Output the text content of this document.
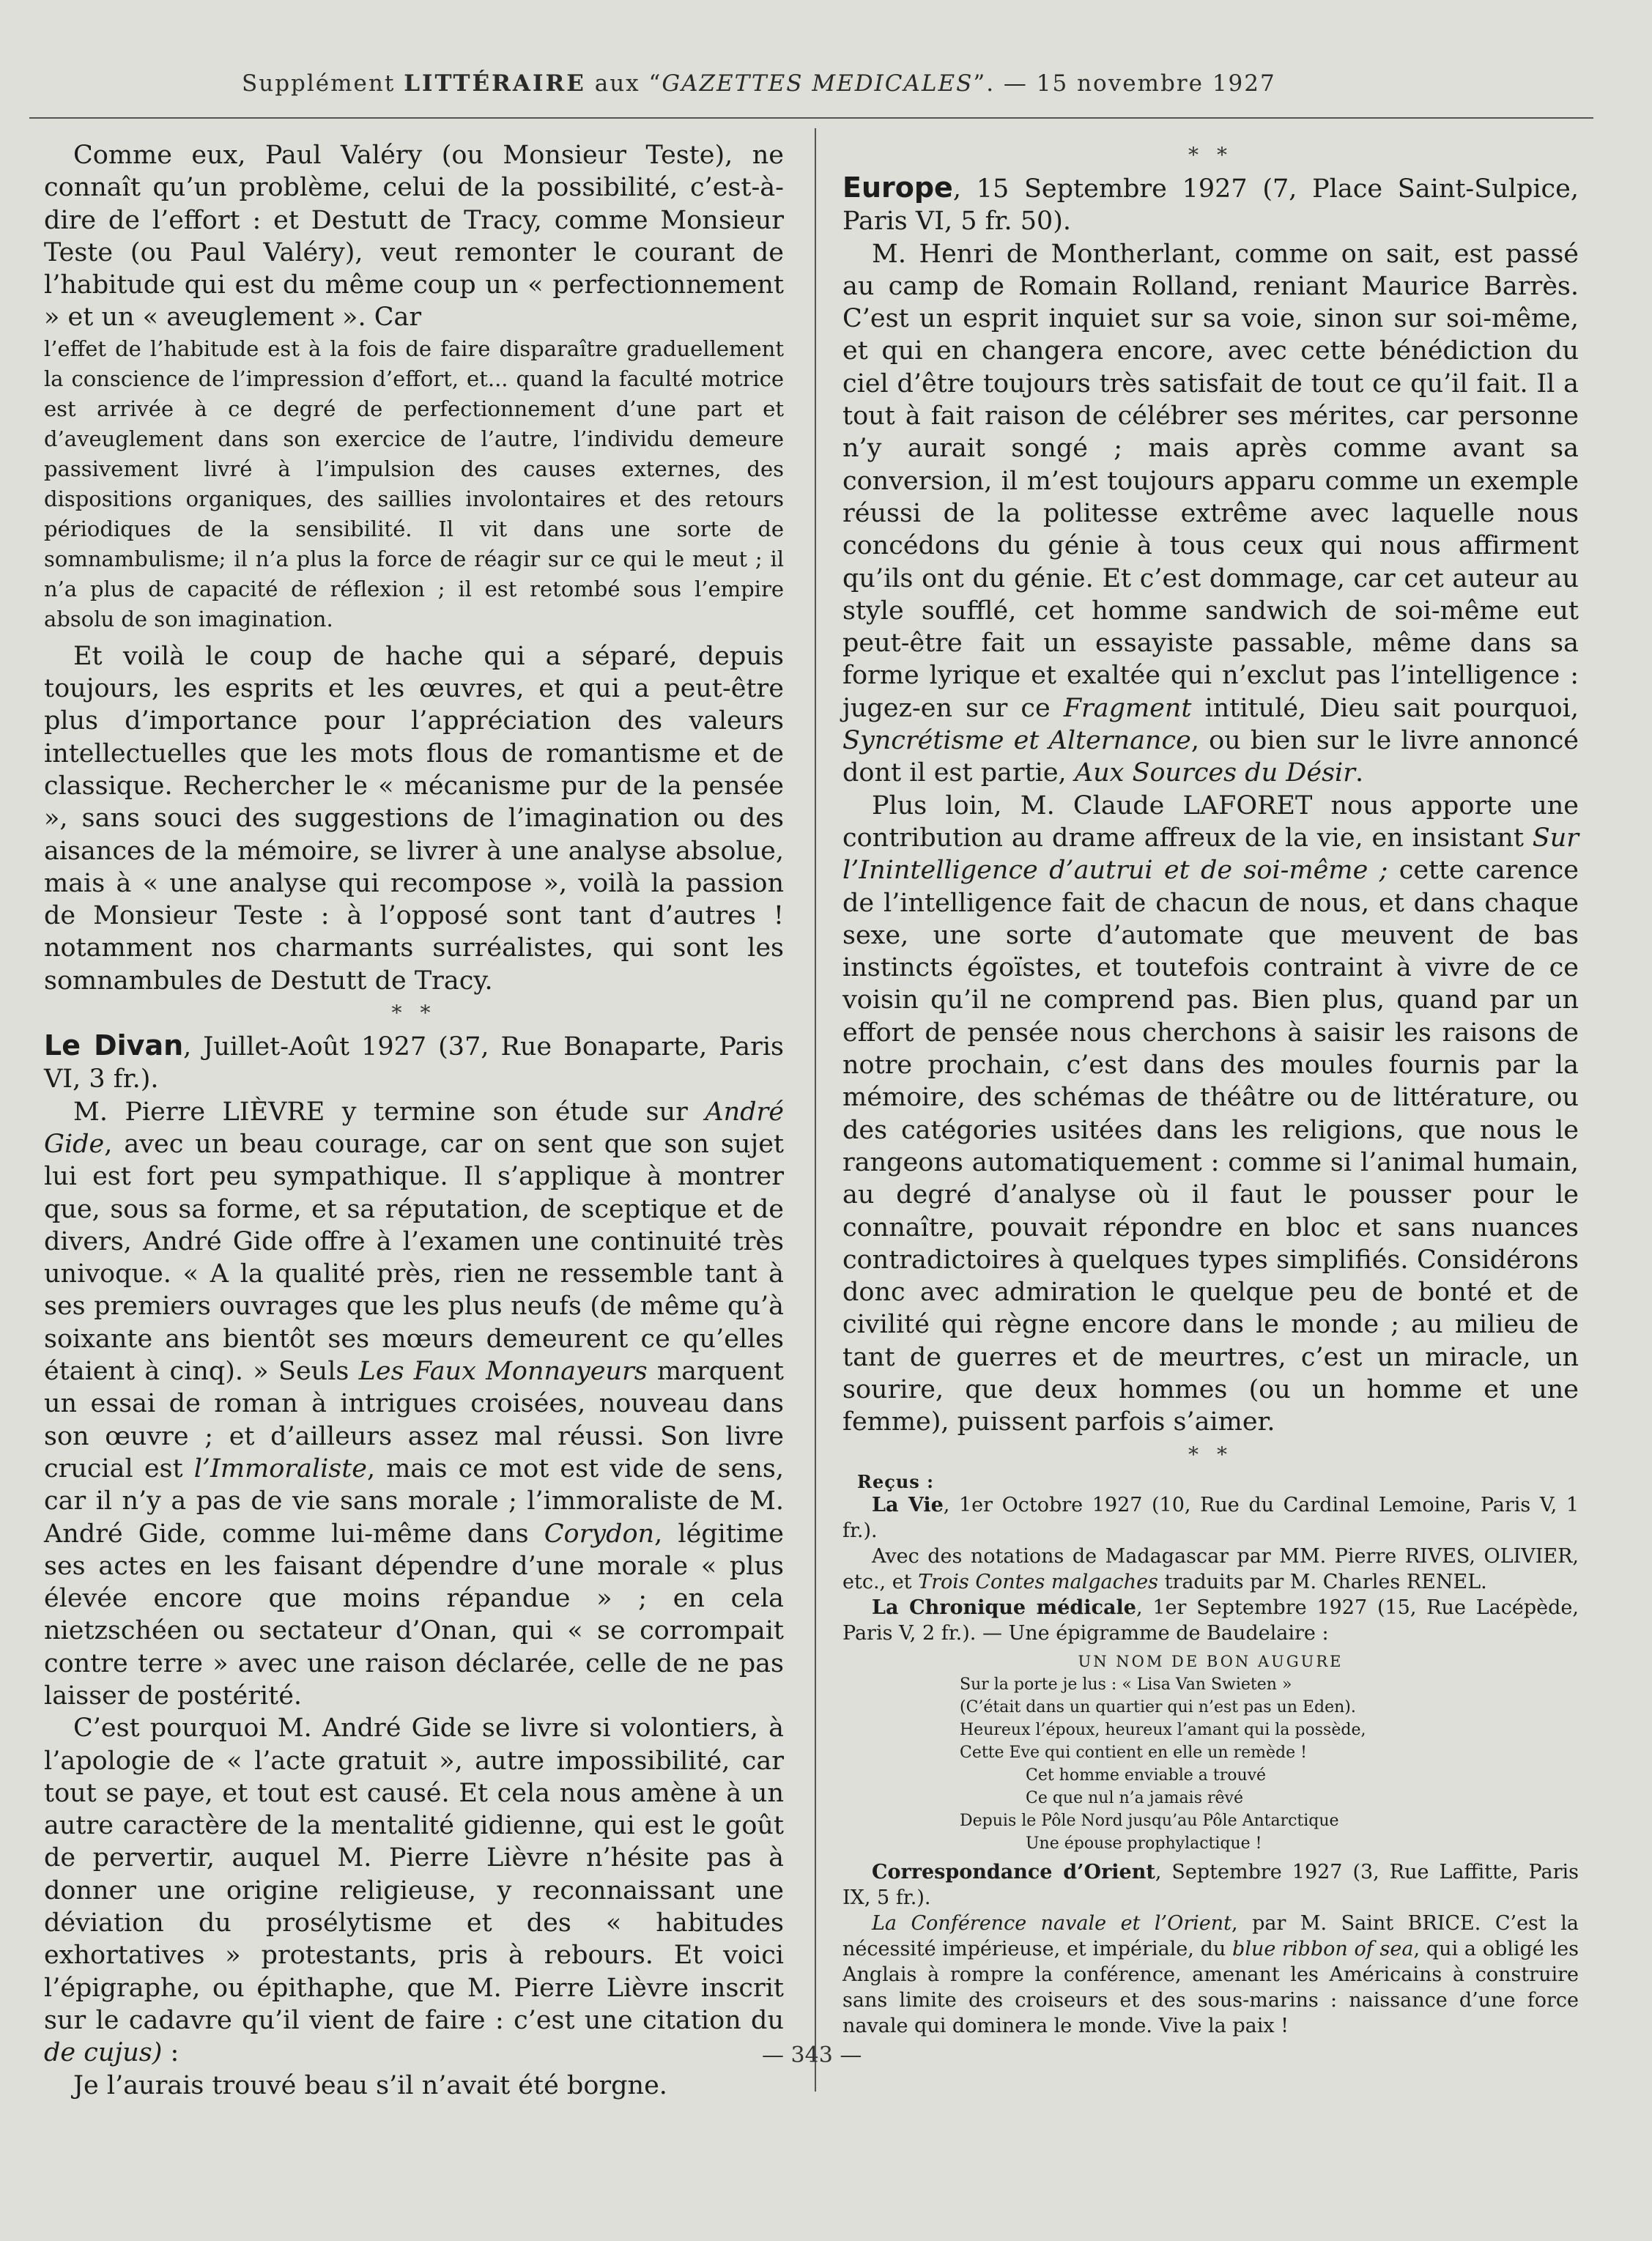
Supplément LITTÉRAIRE aux “GAZETTES MEDICALES”. — 15 novembre 1927

Comme eux, Paul Valéry (ou Monsieur Teste), ne connaît qu’un problème, celui de la possibilité, c’est-à-dire de l’effort : et Destutt de Tracy, comme Monsieur Teste (ou Paul Valéry), veut remonter le courant de l’habitude qui est du même coup un « perfectionnement » et un « aveuglement ». Car

l’effet de l’habitude est à la fois de faire disparaître graduellement la conscience de l’impression d’effort, et... quand la faculté motrice est arrivée à ce degré de perfectionnement d’une part et d’aveuglement dans son exercice de l’autre, l’individu demeure passivement livré à l’impulsion des causes externes, des dispositions organiques, des saillies involontaires et des retours périodiques de la sensibilité. Il vit dans une sorte de somnambulisme; il n’a plus la force de réagir sur ce qui le meut ; il n’a plus de capacité de réflexion ; il est retombé sous l’empire absolu de son imagination.

Et voilà le coup de hache qui a séparé, depuis toujours, les esprits et les œuvres, et qui a peut-être plus d’importance pour l’appréciation des valeurs intellectuelles que les mots flous de romantisme et de classique. Rechercher le « mécanisme pur de la pensée », sans souci des suggestions de l’imagination ou des aisances de la mémoire, se livrer à une analyse absolue, mais à « une analyse qui recompose », voilà la passion de Monsieur Teste : à l’opposé sont tant d’autres ! notamment nos charmants surréalistes, qui sont les somnambules de Destutt de Tracy.

* *

Le Divan, Juillet-Août 1927 (37, Rue Bonaparte, Paris VI, 3 fr.).

M. Pierre LIÈVRE y termine son étude sur André Gide, avec un beau courage, car on sent que son sujet lui est fort peu sympathique. Il s’applique à montrer que, sous sa forme, et sa réputation, de sceptique et de divers, André Gide offre à l’examen une continuité très univoque. « A la qualité près, rien ne ressemble tant à ses premiers ouvrages que les plus neufs (de même qu’à soixante ans bientôt ses mœurs demeurent ce qu’elles étaient à cinq). » Seuls Les Faux Monnayeurs marquent un essai de roman à intrigues croisées, nouveau dans son œuvre ; et d’ailleurs assez mal réussi. Son livre crucial est l’Immoraliste, mais ce mot est vide de sens, car il n’y a pas de vie sans morale ; l’immoraliste de M. André Gide, comme lui-même dans Corydon, légitime ses actes en les faisant dépendre d’une morale « plus élevée encore que moins répandue » ; en cela nietzschéen ou sectateur d’Onan, qui « se corrompait contre terre » avec une raison déclarée, celle de ne pas laisser de postérité.

C’est pourquoi M. André Gide se livre si volontiers, à l’apologie de « l’acte gratuit », autre impossibilité, car tout se paye, et tout est causé. Et cela nous amène à un autre caractère de la mentalité gidienne, qui est le goût de pervertir, auquel M. Pierre Lièvre n’hésite pas à donner une origine religieuse, y reconnaissant une déviation du prosélytisme et des « habitudes exhortatives » protestants, pris à rebours. Et voici l’épigraphe, ou épithaphe, que M. Pierre Lièvre inscrit sur le cadavre qu’il vient de faire : c’est une citation du de cujus) :

Je l’aurais trouvé beau s’il n’avait été borgne.

* *

Europe, 15 Septembre 1927 (7, Place Saint-Sulpice, Paris VI, 5 fr. 50).

M. Henri de Montherlant, comme on sait, est passé au camp de Romain Rolland, reniant Maurice Barrès. C’est un esprit inquiet sur sa voie, sinon sur soi-même, et qui en changera encore, avec cette bénédiction du ciel d’être toujours très satisfait de tout ce qu’il fait. Il a tout à fait raison de célébrer ses mérites, car personne n’y aurait songé ; mais après comme avant sa conversion, il m’est toujours apparu comme un exemple réussi de la politesse extrême avec laquelle nous concédons du génie à tous ceux qui nous affirment qu’ils ont du génie. Et c’est dommage, car cet auteur au style soufflé, cet homme sandwich de soi-même eut peut-être fait un essayiste passable, même dans sa forme lyrique et exaltée qui n’exclut pas l’intelligence : jugez-en sur ce Fragment intitulé, Dieu sait pourquoi, Syncrétisme et Alternance, ou bien sur le livre annoncé dont il est partie, Aux Sources du Désir.

Plus loin, M. Claude LAFORET nous apporte une contribution au drame affreux de la vie, en insistant Sur l’Inintelligence d’autrui et de soi-même ; cette carence de l’intelligence fait de chacun de nous, et dans chaque sexe, une sorte d’automate que meuvent de bas instincts égoïstes, et toutefois contraint à vivre de ce voisin qu’il ne comprend pas. Bien plus, quand par un effort de pensée nous cherchons à saisir les raisons de notre prochain, c’est dans des moules fournis par la mémoire, des schémas de théâtre ou de littérature, ou des catégories usitées dans les religions, que nous le rangeons automatiquement : comme si l’animal humain, au degré d’analyse où il faut le pousser pour le connaître, pouvait répondre en bloc et sans nuances contradictoires à quelques types simplifiés. Considérons donc avec admiration le quelque peu de bonté et de civilité qui règne encore dans le monde ; au milieu de tant de guerres et de meurtres, c’est un miracle, un sourire, que deux hommes (ou un homme et une femme), puissent parfois s’aimer.

* *
Reçus :

La Vie, 1er Octobre 1927 (10, Rue du Cardinal Lemoine, Paris V, 1 fr.).

Avec des notations de Madagascar par MM. Pierre RIVES, OLIVIER, etc., et Trois Contes malgaches traduits par M. Charles RENEL.

La Chronique médicale, 1er Septembre 1927 (15, Rue Lacépède, Paris V, 2 fr.). — Une épigramme de Baudelaire :

UN NOM DE BON AUGURE
Sur la porte je lus : « Lisa Van Swieten »
(C’était dans un quartier qui n’est pas un Eden).
Heureux l’époux, heureux l’amant qui la possède,
Cette Eve qui contient en elle un remède !
Cet homme enviable a trouvé
Ce que nul n’a jamais rêvé
Depuis le Pôle Nord jusqu’au Pôle Antarctique
Une épouse prophylactique !

Correspondance d’Orient, Septembre 1927 (3, Rue Laffitte, Paris IX, 5 fr.).

La Conférence navale et l’Orient, par M. Saint BRICE. C’est la nécessité impérieuse, et impériale, du blue ribbon of sea, qui a obligé les Anglais à rompre la conférence, amenant les Américains à construire sans limite des croiseurs et des sous-marins : naissance d’une force navale qui dominera le monde. Vive la paix !

— 343 —
